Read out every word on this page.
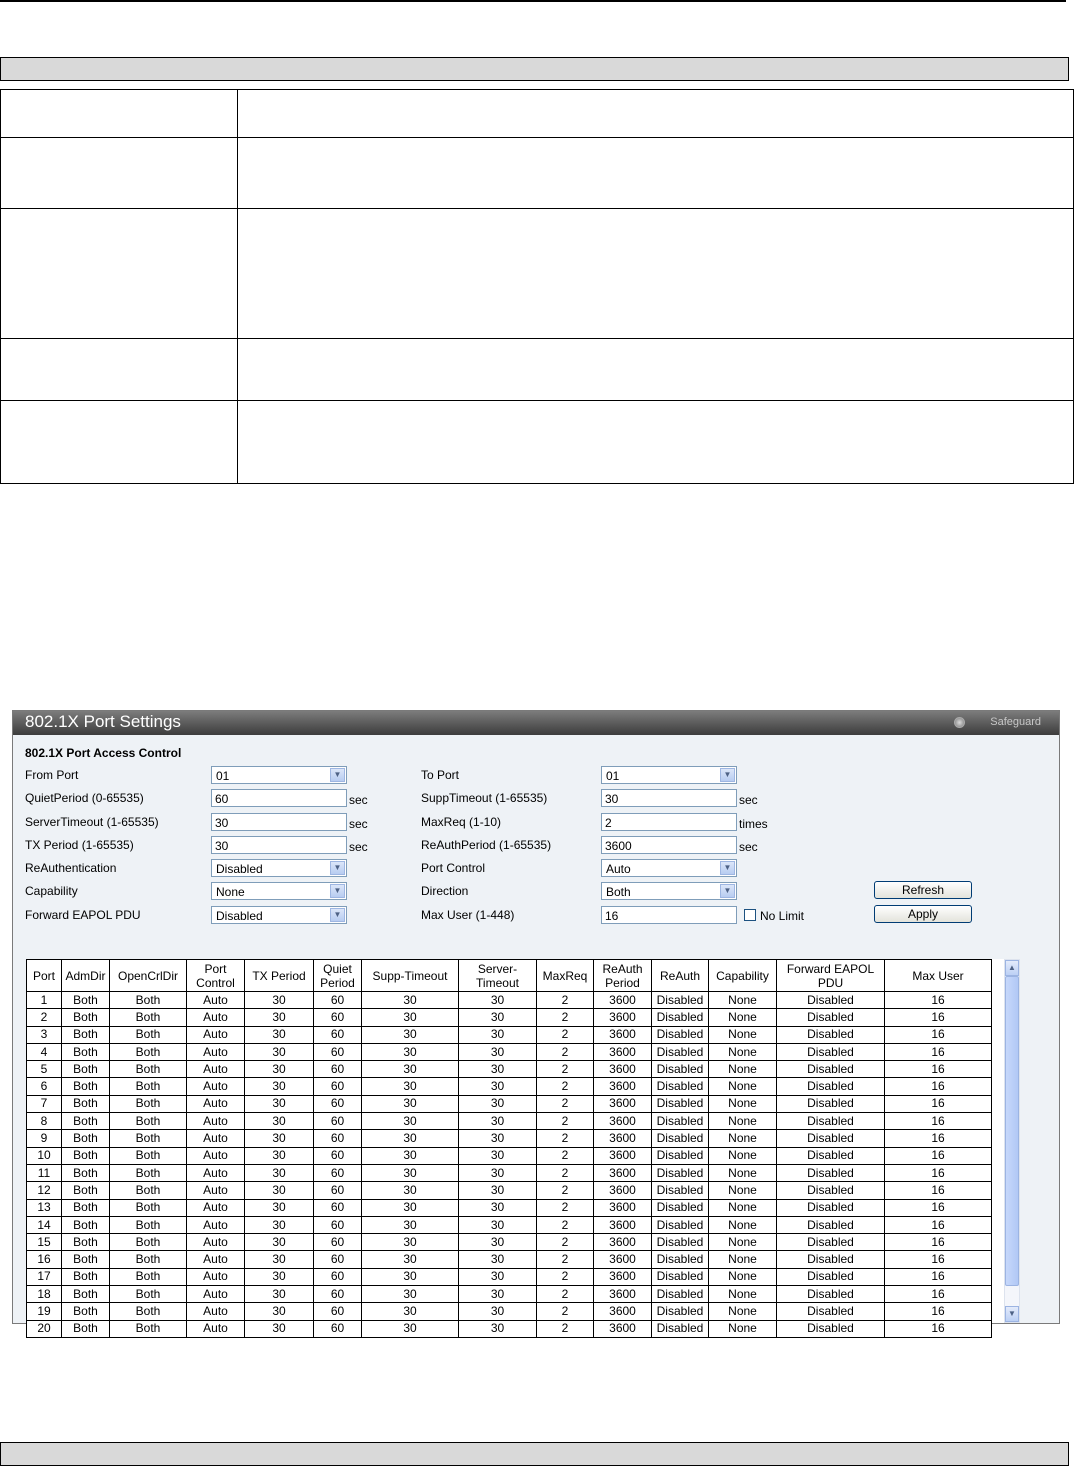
802.1X Port Settings	Safeguard
802.1X Port Access Control
From Port	01	▼	To Port	01	▼
QuietPeriod (0-65535)	60	sec	SuppTimeout (1-65535)	30	sec
ServerTimeout (1-65535)	30	sec	MaxReq (1-10)	2	times
TX Period (1-65535)	30	sec	ReAuthPeriod (1-65535)	3600	sec
ReAuthentication	Disabled	▼	Port Control	Auto	▼
Capability	None	▼	Direction	Both	▼	Refresh
Forward EAPOL PDU	Disabled	▼	Max User (1-448)	16	No Limit	Apply
Port	AdmDir	OpenCrlDir	Port Control	TX Period	Quiet Period	Supp-Timeout	Server- Timeout	MaxReq	ReAuth Period	ReAuth	Capability	Forward EAPOL PDU	Max User
1	Both	Both	Auto	30	60	30	30	2	3600	Disabled	None	Disabled	16
2	Both	Both	Auto	30	60	30	30	2	3600	Disabled	None	Disabled	16
3	Both	Both	Auto	30	60	30	30	2	3600	Disabled	None	Disabled	16
4	Both	Both	Auto	30	60	30	30	2	3600	Disabled	None	Disabled	16
5	Both	Both	Auto	30	60	30	30	2	3600	Disabled	None	Disabled	16
6	Both	Both	Auto	30	60	30	30	2	3600	Disabled	None	Disabled	16
7	Both	Both	Auto	30	60	30	30	2	3600	Disabled	None	Disabled	16
8	Both	Both	Auto	30	60	30	30	2	3600	Disabled	None	Disabled	16
9	Both	Both	Auto	30	60	30	30	2	3600	Disabled	None	Disabled	16
10	Both	Both	Auto	30	60	30	30	2	3600	Disabled	None	Disabled	16
11	Both	Both	Auto	30	60	30	30	2	3600	Disabled	None	Disabled	16
12	Both	Both	Auto	30	60	30	30	2	3600	Disabled	None	Disabled	16
13	Both	Both	Auto	30	60	30	30	2	3600	Disabled	None	Disabled	16
14	Both	Both	Auto	30	60	30	30	2	3600	Disabled	None	Disabled	16
15	Both	Both	Auto	30	60	30	30	2	3600	Disabled	None	Disabled	16
16	Both	Both	Auto	30	60	30	30	2	3600	Disabled	None	Disabled	16
17	Both	Both	Auto	30	60	30	30	2	3600	Disabled	None	Disabled	16
18	Both	Both	Auto	30	60	30	30	2	3600	Disabled	None	Disabled	16
19	Both	Both	Auto	30	60	30	30	2	3600	Disabled	None	Disabled	16
20	Both	Both	Auto	30	60	30	30	2	3600	Disabled	None	Disabled	16
▲
▼
